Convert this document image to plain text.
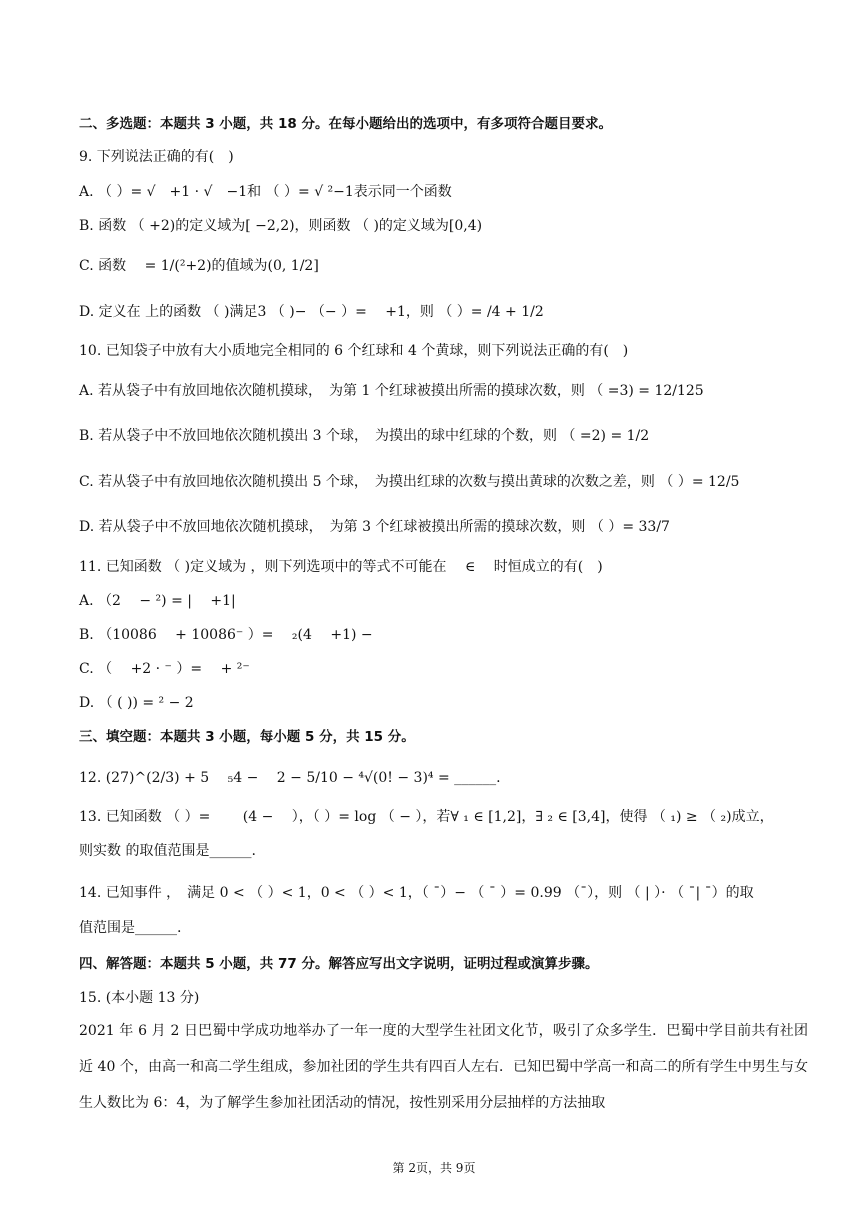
二、多选题：本题共 3 小题，共 18 分。在每小题给出的选项中，有多项符合题目要求。
9. 下列说法正确的有(　)
A. （ ）= √　+1 · √　−1和 （ ）= √ ²−1表示同一个函数
B. 函数 （ +2)的定义域为[ −2,2)，则函数 （ )的定义域为[0,4)
C. 函数 　= 1/(²+2)的值域为(0, 1/2]
D. 定义在 上的函数 （ )满足3 （ )− （− ）= 　+1，则 （ ）= /4 + 1/2
10. 已知袋子中放有大小质地完全相同的 6 个红球和 4 个黄球，则下列说法正确的有(　)
A. 若从袋子中有放回地依次随机摸球，　为第 1 个红球被摸出所需的摸球次数，则 （ =3) = 12/125
B. 若从袋子中不放回地依次随机摸出 3 个球，　为摸出的球中红球的个数，则 （ =2) = 1/2
C. 若从袋子中有放回地依次随机摸出 5 个球，　为摸出红球的次数与摸出黄球的次数之差，则 （ ）= 12/5
D. 若从袋子中不放回地依次随机摸球，　为第 3 个红球被摸出所需的摸球次数，则 （ ）= 33/7
11. 已知函数 （ )定义域为 ，则下列选项中的等式不可能在 　∈ 　时恒成立的有(　)
A. （2 　− ²) = | 　+1|
B. （10086 　+ 10086⁻ ）= 　₂(4 　+1) −
C. （ 　+2 · ⁻ ）= 　+ ²⁻
D. （ ( )) = ² − 2
三、填空题：本题共 3 小题，每小题 5 分，共 15 分。
12. (27)^(2/3) + 5 　₅4 − 　2 − 5/10 − ⁴√(0! − 3)⁴ = ______.
13. 已知函数 （ ）= 　　(4 − 　），（ ）= log （ − ），若∀ ₁ ∈ [1,2]，∃ ₂ ∈ [3,4]，使得 （ ₁) ≥ （ ₂)成立，
则实数 的取值范围是______.
14. 已知事件 ，　满足 0 < （ ）< 1，0 < （ ）< 1，（ ¯）− （ ¯ ）= 0.99 （¯），则 （ | ）· （ ¯| ¯）的取
值范围是______.
四、解答题：本题共 5 小题，共 77 分。解答应写出文字说明，证明过程或演算步骤。
15. (本小题 13 分)
2021 年 6 月 2 日巴蜀中学成功地举办了一年一度的大型学生社团文化节，吸引了众多学生．巴蜀中学目前共有社团近 40 个，由高一和高二学生组成，参加社团的学生共有四百人左右．已知巴蜀中学高一和高二的所有学生中男生与女生人数比为 6：4，为了解学生参加社团活动的情况，按性别采用分层抽样的方法抽取
第 2页，共 9页
